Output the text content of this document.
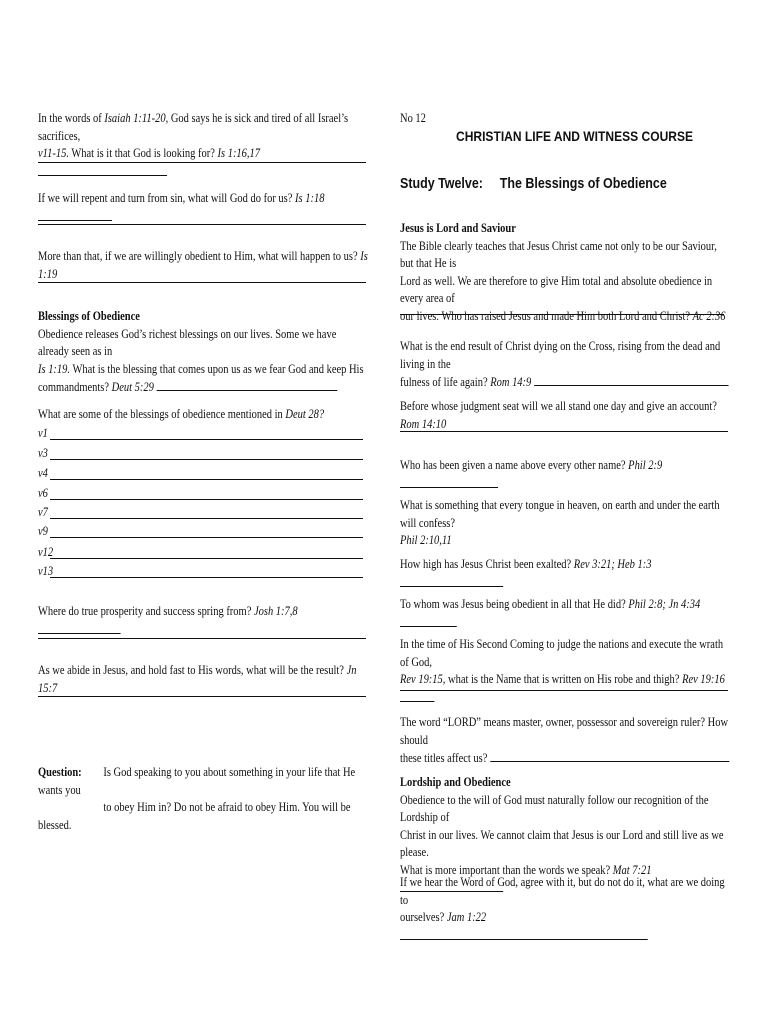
In the words of Isaiah 1:11-20, God says he is sick and tired of all Israel’s sacrifices,
v11-15. What is it that God is looking for? Is 1:16,17
If we will repent and turn from sin, what will God do for us? Is 1:18
More than that, if we are willingly obedient to Him, what will happen to us? Is 1:19
Blessings of Obedience
Obedience releases God’s richest blessings on our lives. Some we have already seen as in
Is 1:19. What is the blessing that comes upon us as we fear God and keep His
commandments? Deut 5:29
What are some of the blessings of obedience mentioned in Deut 28?
v1
v3
v4
v6
v7
v9
v12
v13
Where do true prosperity and success spring from? Josh 1:7,8
As we abide in Jesus, and hold fast to His words, what will be the result? Jn 15:7
Question: Is God speaking to you about something in your life that He wants you
to obey Him in? Do not be afraid to obey Him. You will be blessed.
No 12
CHRISTIAN LIFE AND WITNESS COURSE
Study Twelve: The Blessings of Obedience
Jesus is Lord and Saviour
The Bible clearly teaches that Jesus Christ came not only to be our Saviour, but that He is
Lord as well. We are therefore to give Him total and absolute obedience in every area of
our lives. Who has raised Jesus and made Him both Lord and Christ? Ac 2:36
What is the end result of Christ dying on the Cross, rising from the dead and living in the
fulness of life again? Rom 14:9
Before whose judgment seat will we all stand one day and give an account? Rom 14:10
Who has been given a name above every other name? Phil 2:9
What is something that every tongue in heaven, on earth and under the earth will confess?
Phil 2:10,11
How high has Jesus Christ been exalted? Rev 3:21; Heb 1:3
To whom was Jesus being obedient in all that He did? Phil 2:8; Jn 4:34
In the time of His Second Coming to judge the nations and execute the wrath of God,
Rev 19:15, what is the Name that is written on His robe and thigh? Rev 19:16
The word “LORD” means master, owner, possessor and sovereign ruler? How should
these titles affect us?
Lordship and Obedience
Obedience to the will of God must naturally follow our recognition of the Lordship of
Christ in our lives. We cannot claim that Jesus is our Lord and still live as we please.
What is more important than the words we speak? Mat 7:21
If we hear the Word of God, agree with it, but do not do it, what are we doing to
ourselves? Jam 1:22
